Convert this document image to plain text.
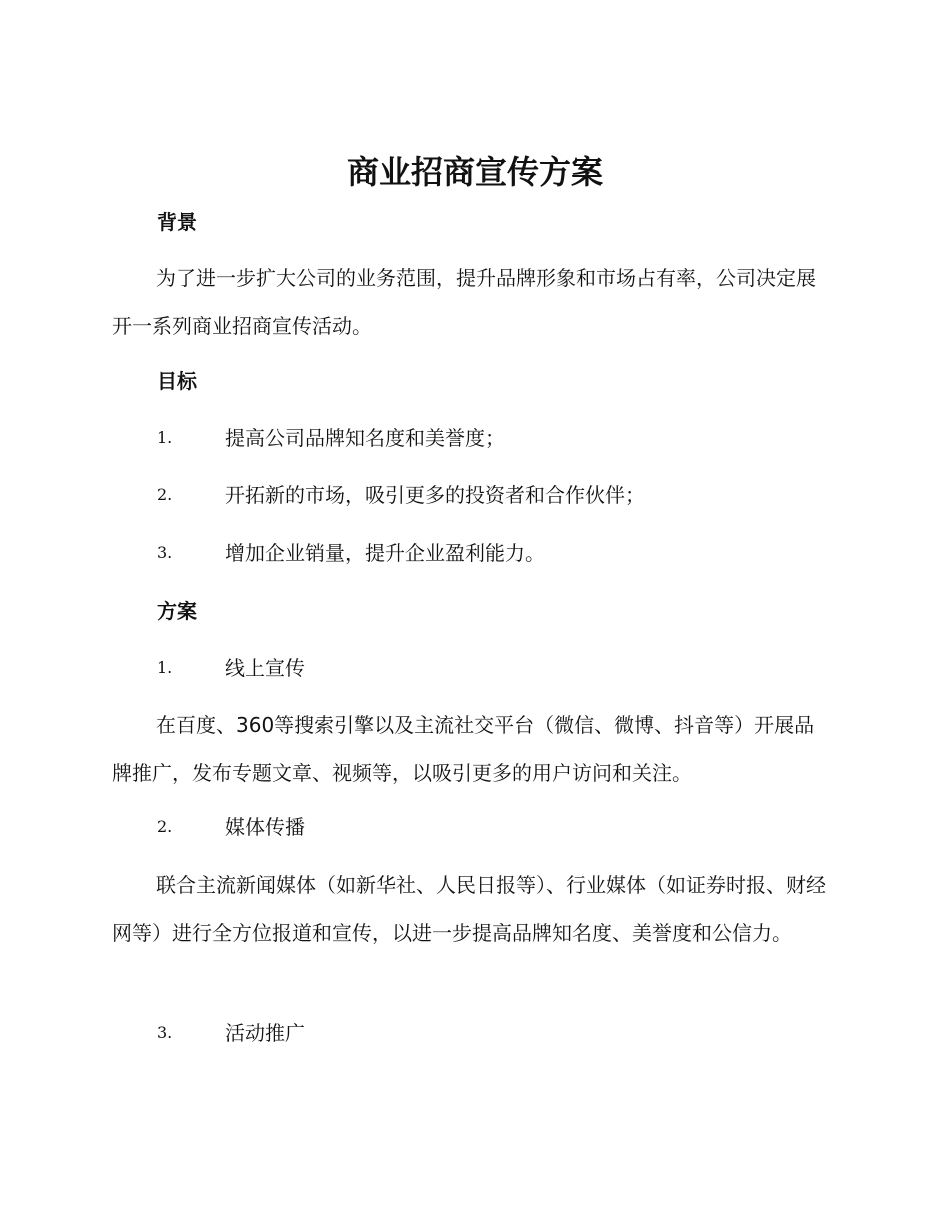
商业招商宣传方案
背景
为了进一步扩大公司的业务范围，提升品牌形象和市场占有率，公司决定展开一系列商业招商宣传活动。
目标
1.	提高公司品牌知名度和美誉度；
2.	开拓新的市场，吸引更多的投资者和合作伙伴；
3.	增加企业销量，提升企业盈利能力。
方案
1.	线上宣传
在百度、360等搜索引擎以及主流社交平台（微信、微博、抖音等）开展品牌推广，发布专题文章、视频等，以吸引更多的用户访问和关注。
2.	媒体传播
联合主流新闻媒体（如新华社、人民日报等）、行业媒体（如证券时报、财经网等）进行全方位报道和宣传，以进一步提高品牌知名度、美誉度和公信力。
3.	活动推广
